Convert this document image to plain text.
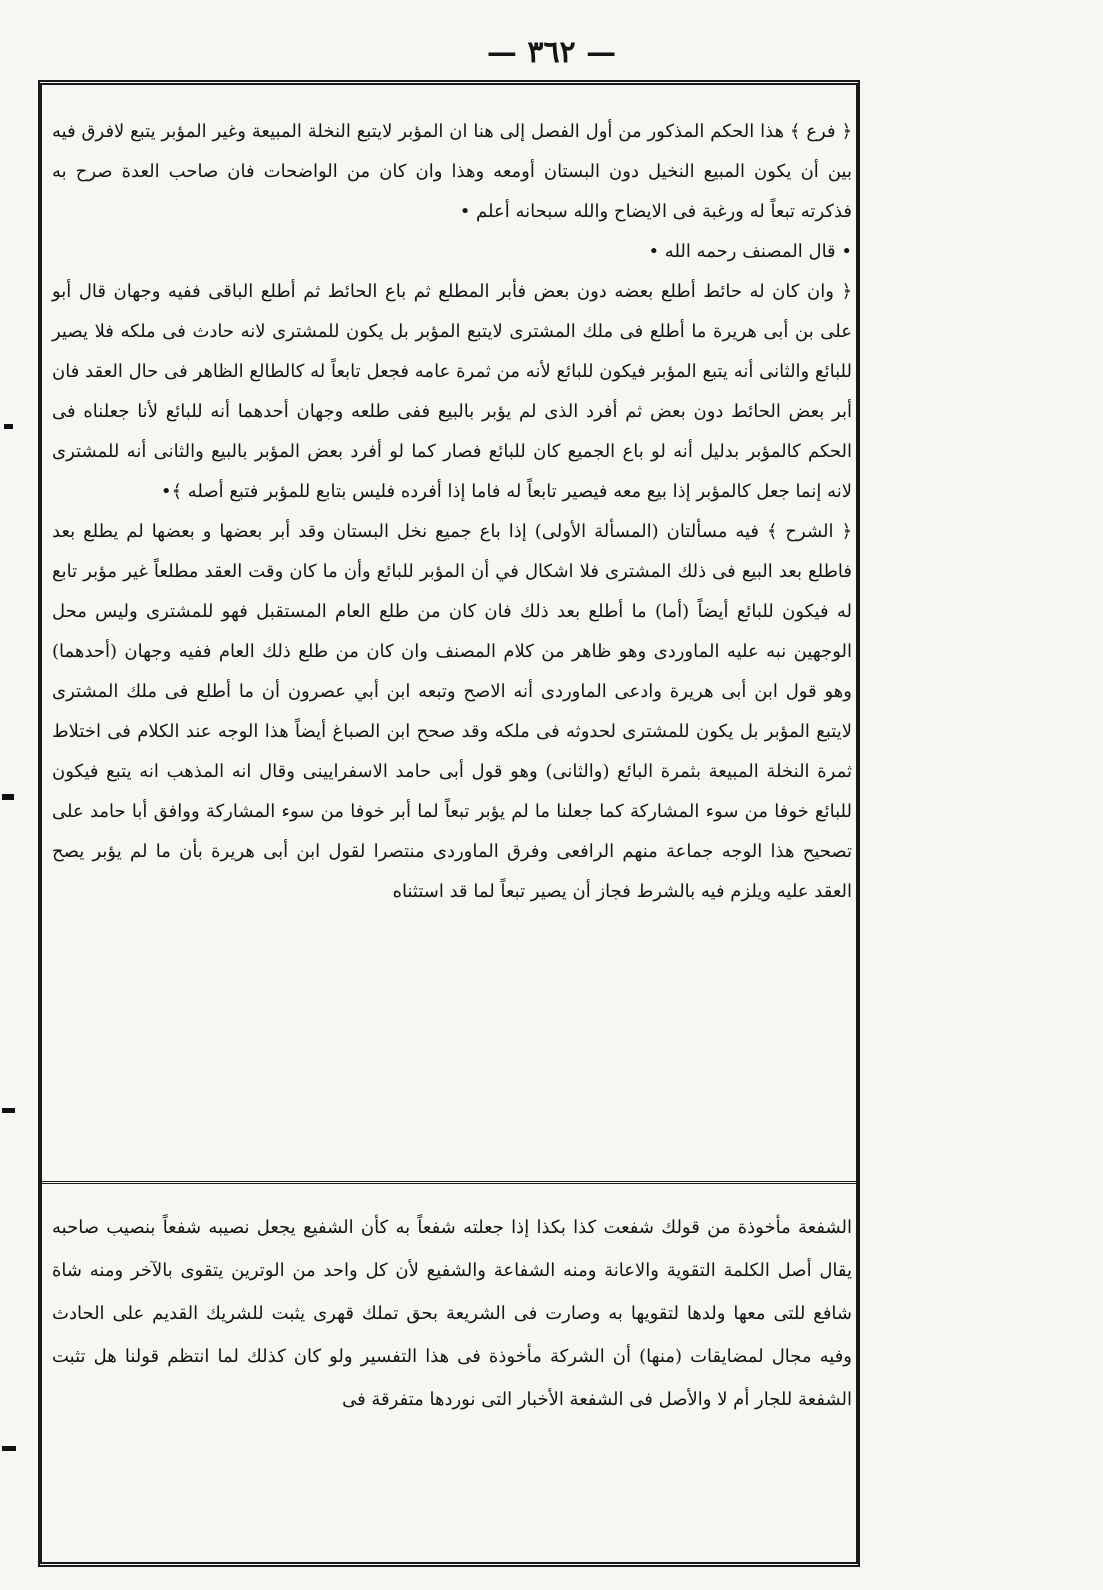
— ٣٦٢ —

﴿ فرع ﴾ هذا الحكم المذكور من أول الفصل إلى هنا ان المؤبر لايتبع النخلة المبيعة وغير المؤبر يتبع لافرق فيه بين أن يكون المبيع النخيل دون البستان أومعه وهذا وان كان من الواضحات فان صاحب العدة صرح به فذكرته تبعاً له ورغبة فى الايضاح والله سبحانه أعلم •

• قال المصنف رحمه الله •

﴿ وان كان له حائط أطلع بعضه دون بعض فأبر المطلع ثم باع الحائط ثم أطلع الباقى ففيه وجهان قال أبو على بن أبى هريرة ما أطلع فى ملك المشترى لايتبع المؤبر بل يكون للمشترى لانه حادث فى ملكه فلا يصير للبائع والثانى أنه يتبع المؤبر فيكون للبائع لأنه من ثمرة عامه فجعل تابعاً له كالطالع الظاهر فى حال العقد فان أبر بعض الحائط دون بعض ثم أفرد الذى لم يؤبر بالبيع ففى طلعه وجهان أحدهما أنه للبائع لأنا جعلناه فى الحكم كالمؤبر بدليل أنه لو باع الجميع كان للبائع فصار كما لو أفرد بعض المؤبر بالبيع والثانى أنه للمشترى لانه إنما جعل كالمؤبر إذا بيع معه فيصير تابعاً له فاما إذا أفرده فليس بتابع للمؤبر فتبع أصله ﴾•

﴿ الشرح ﴾ فيه مسألتان (المسألة الأولى) إذا باع جميع نخل البستان وقد أبر بعضها و بعضها لم يطلع بعد فاطلع بعد البيع فى ذلك المشترى فلا اشكال في أن المؤبر للبائع وأن ما كان وقت العقد مطلعاً غير مؤبر تابع له فيكون للبائع أيضاً (أما) ما أطلع بعد ذلك فان كان من طلع العام المستقبل فهو للمشترى وليس محل الوجهين نبه عليه الماوردى وهو ظاهر من كلام المصنف وان كان من طلع ذلك العام ففيه وجهان (أحدهما) وهو قول ابن أبى هريرة وادعى الماوردى أنه الاصح وتبعه ابن أبي عصرون أن ما أطلع فى ملك المشترى لايتبع المؤبر بل يكون للمشترى لحدوثه فى ملكه وقد صحح ابن الصباغ أيضاً هذا الوجه عند الكلام فى اختلاط ثمرة النخلة المبيعة بثمرة البائع (والثانى) وهو قول أبى حامد الاسفرايينى وقال انه المذهب انه يتبع فيكون للبائع خوفا من سوء المشاركة كما جعلنا ما لم يؤبر تبعاً لما أبر خوفا من سوء المشاركة ووافق أبا حامد على تصحيح هذا الوجه جماعة منهم الرافعى وفرق الماوردى منتصرا لقول ابن أبى هريرة بأن ما لم يؤبر يصح العقد عليه ويلزم فيه بالشرط فجاز أن يصير تبعاً لما قد استثناه

الشفعة مأخوذة من قولك شفعت كذا بكذا إذا جعلته شفعاً به كأن الشفيع يجعل نصيبه شفعاً بنصيب صاحبه يقال أصل الكلمة التقوية والاعانة ومنه الشفاعة والشفيع لأن كل واحد من الوترين يتقوى بالآخر ومنه شاة شافع للتى معها ولدها لتقويها به وصارت فى الشريعة بحق تملك قهرى يثبت للشريك القديم على الحادث وفيه مجال لمضايقات (منها) أن الشركة مأخوذة فى هذا التفسير ولو كان كذلك لما انتظم قولنا هل تثبت الشفعة للجار أم لا والأصل فى الشفعة الأخبار التى نوردها متفرقة فى
